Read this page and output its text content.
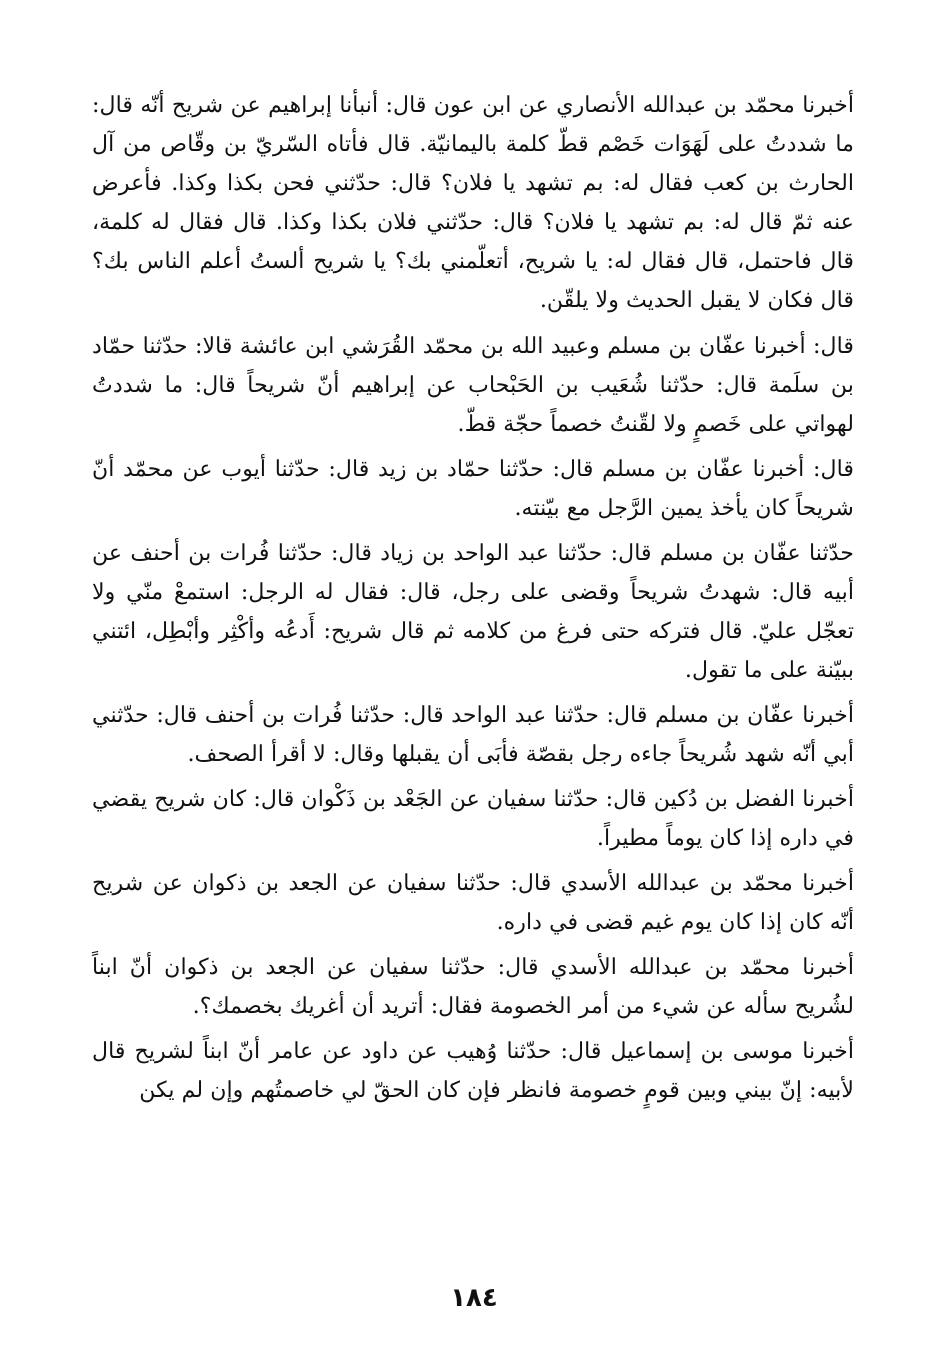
أخبرنا محمّد بن عبدالله الأنصاري عن ابن عون قال: أنبأنا إبراهيم عن شريح أنّه قال: ما شددتُ على لَهَوَات خَصْم قطّ كلمة باليمانيّة. قال فأتاه السّريّ بن وقّاص من آل الحارث بن كعب فقال له: بم تشهد يا فلان؟ قال: حدّثني فحن بكذا وكذا. فأعرض عنه ثمّ قال له: بم تشهد يا فلان؟ قال: حدّثني فلان بكذا وكذا. قال فقال له كلمة، قال فاحتمل، قال فقال له: يا شريح، أتعلّمني بك؟ يا شريح ألستُ أعلم الناس بك؟ قال فكان لا يقبل الحديث ولا يلقّن.

قال: أخبرنا عفّان بن مسلم وعبيد الله بن محمّد القُرَشي ابن عائشة قالا: حدّثنا حمّاد بن سلَمة قال: حدّثنا شُعَيب بن الحَبْحاب عن إبراهيم أنّ شريحاً قال: ما شددتُ لهواتي على خَصمٍ ولا لقّنتُ خصماً حجّة قطّ.

قال: أخبرنا عفّان بن مسلم قال: حدّثنا حمّاد بن زيد قال: حدّثنا أيوب عن محمّد أنّ شريحاً كان يأخذ يمين الرَّجل مع بيّنته.

حدّثنا عفّان بن مسلم قال: حدّثنا عبد الواحد بن زياد قال: حدّثنا فُرات بن أحنف عن أبيه قال: شهدتُ شريحاً وقضى على رجل، قال: فقال له الرجل: استمعْ منّي ولا تعجّل عليّ. قال فتركه حتى فرغ من كلامه ثم قال شريح: أَدعُه وأكْثِر وأبْطِل، ائتني ببيّنة على ما تقول.

أخبرنا عفّان بن مسلم قال: حدّثنا عبد الواحد قال: حدّثنا فُرات بن أحنف قال: حدّثني أبي أنّه شهد شُريحاً جاءه رجل بقصّة فأبَى أن يقبلها وقال: لا أقرأ الصحف.

أخبرنا الفضل بن دُكين قال: حدّثنا سفيان عن الجَعْد بن ذَكْوان قال: كان شريح يقضي في داره إذا كان يوماً مطيراً.

أخبرنا محمّد بن عبدالله الأسدي قال: حدّثنا سفيان عن الجعد بن ذكوان عن شريح أنّه كان إذا كان يوم غيم قضى في داره.

أخبرنا محمّد بن عبدالله الأسدي قال: حدّثنا سفيان عن الجعد بن ذكوان أنّ ابناً لشُريح سأله عن شيء من أمر الخصومة فقال: أتريد أن أغريك بخصمك؟.

أخبرنا موسى بن إسماعيل قال: حدّثنا وُهيب عن داود عن عامر أنّ ابناً لشريح قال لأبيه: إنّ بيني وبين قومٍ خصومة فانظر فإن كان الحقّ لي خاصمتُهم وإن لم يكن

١٨٤
